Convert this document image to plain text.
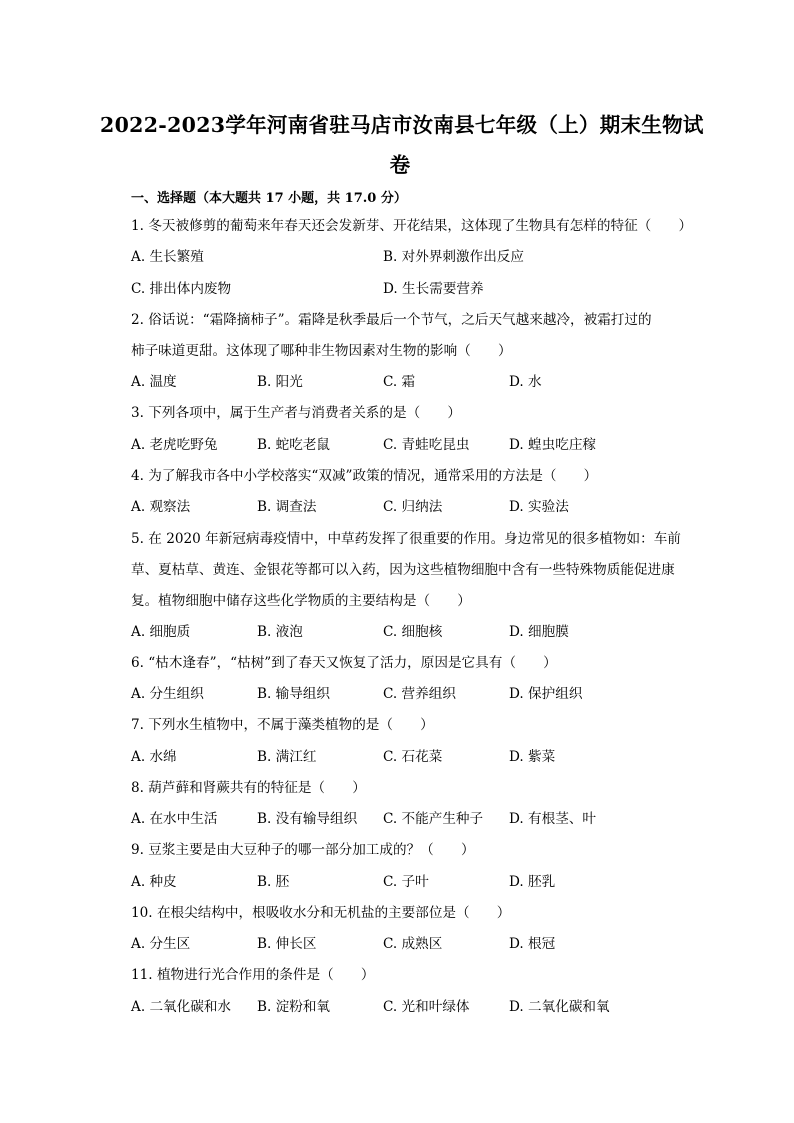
2022-2023学年河南省驻马店市汝南县七年级（上）期末生物试
卷
一、选择题（本大题共 17 小题，共 17.0 分）
1. 冬天被修剪的葡萄来年春天还会发新芽、开花结果，这体现了生物具有怎样的特征（　　）
A. 生长繁殖	B. 对外界刺激作出反应
C. 排出体内废物	D. 生长需要营养
2. 俗话说：“霜降摘柿子”。霜降是秋季最后一个节气，之后天气越来越冷，被霜打过的
柿子味道更甜。这体现了哪种非生物因素对生物的影响（　　）
A. 温度	B. 阳光	C. 霜	D. 水
3. 下列各项中，属于生产者与消费者关系的是（　　）
A. 老虎吃野兔	B. 蛇吃老鼠	C. 青蛙吃昆虫	D. 蝗虫吃庄稼
4. 为了解我市各中小学校落实“双减”政策的情况，通常采用的方法是（　　）
A. 观察法	B. 调查法	C. 归纳法	D. 实验法
5. 在 2020 年新冠病毒疫情中，中草药发挥了很重要的作用。身边常见的很多植物如：车前
草、夏枯草、黄连、金银花等都可以入药，因为这些植物细胞中含有一些特殊物质能促进康
复。植物细胞中储存这些化学物质的主要结构是（　　）
A. 细胞质	B. 液泡	C. 细胞核	D. 细胞膜
6. “枯木逢春”，“枯树”到了春天又恢复了活力，原因是它具有（　　）
A. 分生组织	B. 输导组织	C. 营养组织	D. 保护组织
7. 下列水生植物中，不属于藻类植物的是（　　）
A. 水绵	B. 满江红	C. 石花菜	D. 紫菜
8. 葫芦藓和肾蕨共有的特征是（　　）
A. 在水中生活	B. 没有输导组织 C. 不能产生种子 D. 有根茎、叶
9. 豆浆主要是由大豆种子的哪一部分加工成的？（　　）
A. 种皮	B. 胚	C. 子叶	D. 胚乳
10. 在根尖结构中，根吸收水分和无机盐的主要部位是（　　）
A. 分生区	B. 伸长区	C. 成熟区	D. 根冠
11. 植物进行光合作用的条件是（　　）
A. 二氧化碳和水 B. 淀粉和氧	C. 光和叶绿体	D. 二氧化碳和氧
